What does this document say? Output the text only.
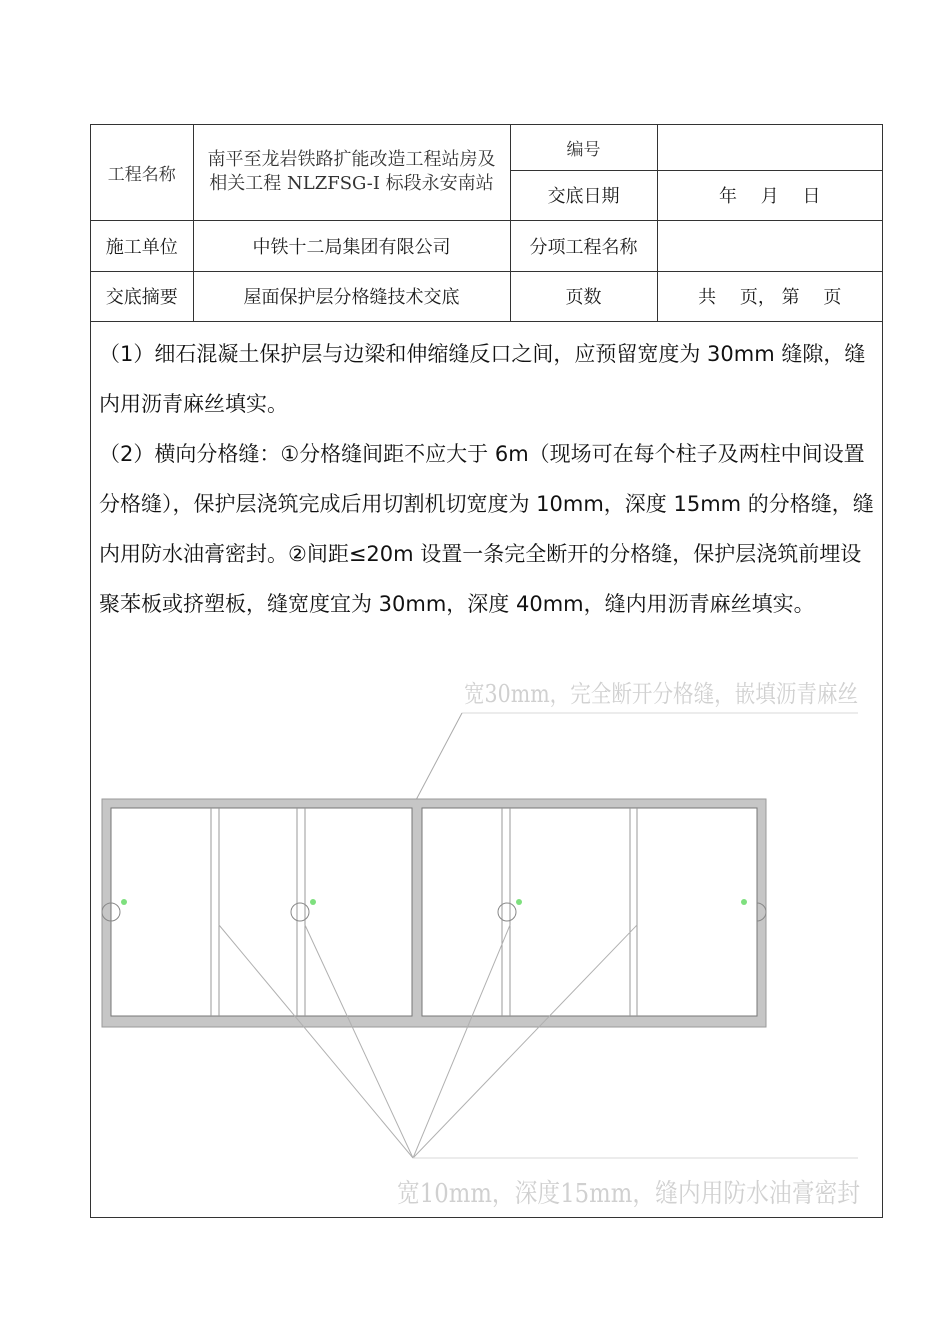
工程名称	南平至龙岩铁路扩能改造工程站房及
相关工程 NLZFSG-I 标段永安南站	编号	
		交底日期	年　 月　 日
施工单位	中铁十二局集团有限公司	分项工程名称	
交底摘要	屋面保护层分格缝技术交底	页数	共　 页， 第　 页

（1）细石混凝土保护层与边梁和伸缩缝反口之间，应预留宽度为 30mm 缝隙，缝内用沥青麻丝填实。

（2）横向分格缝：①分格缝间距不应大于 6m（现场可在每个柱子及两柱中间设置分格缝），保护层浇筑完成后用切割机切宽度为 10mm，深度 15mm 的分格缝，缝内用防水油膏密封。②间距≤20m 设置一条完全断开的分格缝，保护层浇筑前埋设聚苯板或挤塑板，缝宽度宜为 30mm，深度 40mm，缝内用沥青麻丝填实。

宽30mm，完全断开分格缝，嵌填沥青麻丝
宽10mm，深度15mm，缝内用防水油膏密封
